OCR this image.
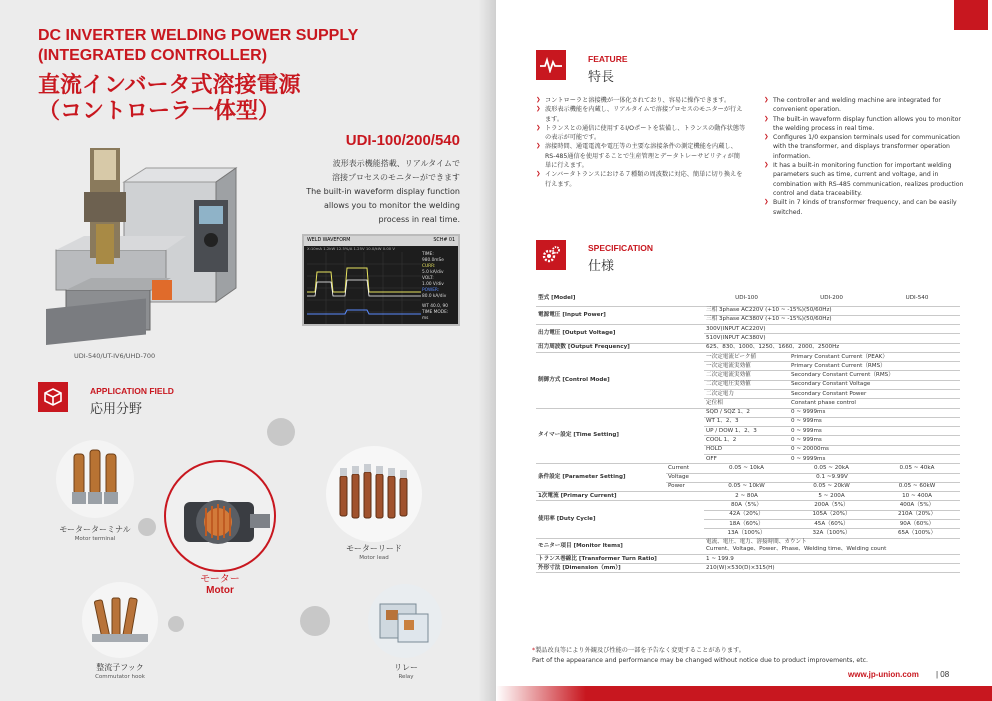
DC INVERTER WELDING POWER SUPPLY
(INTEGRATED CONTROLLER)
直流インバータ式溶接電源
（コントローラ一体型）
UDI-100/200/540
波形表示機能搭載、リアルタイムで
溶接プロセスのモニターができます
The built-in waveform display function
allows you to monitor the welding
process in real time.
UDI-540/UT-IV6/UHD-700
WELD WAVEFORM	SCH# 01
X:10mA 1.2kW 12.5%/A 1.25V 10.0/kW 0.00 V
TIME:
980.0mSe
CURR:
5.0 kA/div
VOLT:
1.00 V/div
POWER:
80.0 kA/div
WT 40.0, 90
TIME MODE: ms
APPLICATION FIELD
応用分野
モーターターミナル
Motor terminal
モーター
Motor
モーターリード
Motor lead
整流子フック
Commutator hook
リレー
Relay
FEATURE
特長
❯ コントローラと溶接機が一体化されており、容易に操作できます。
❯ 波形表示機能を内蔵し、リアルタイムで溶接プロセスのモニターが行えます。
❯ トランスとの通信に使用するI/Oポートを装備し、トランスの動作状態等の表示が可能です。
❯ 溶接時間、通電電流や電圧等の主要な溶接条件の測定機能を内蔵し、RS-485通信を使用することで生産管理とデータトレーサビリティが簡単に行えます。
❯ インバータトランスにおける７種類の周波数に対応、簡単に切り換えを行えます。
❯ The controller and welding machine are integrated for convenient operation.
❯ The built-in waveform display function allows you to monitor the welding process in real time.
❯ Configures 1/0 expansion terminals used for communication with the transformer, and displays transformer operation information.
❯ It has a built-in monitoring function for important welding parameters such as time, current and voltage, and in combination with RS-485 communication, realizes production control and data traceability.
❯ Built in 7 kinds of transformer frequency, and can be easily switched.
SPECIFICATION
仕様
型式 [Model]		UDI-100	UDI-200	UDI-540
電源電圧 [Input Power]		三相 3phase AC220V (+10 ~ -15%)(50/60Hz)		
		三相 3phase AC380V (+10 ~ -15%)(50/60Hz)		
出力電圧 [Output Voltage]		300V(INPUT AC220V)		
		510V(INPUT AC380V)		
出力周波数 [Output Frequency]		625、830、1000、1250、1660、2000、2500Hz		
制御方式 [Control Mode]		一次定電流ピーク値	Primary Constant Current（PEAK）	
		一次定電流実効値	Primary Constant Current（RMS）	
		二次定電流実効値	Secondary Constant Current（RMS）	
		二次定電圧実効値	Secondary Constant Voltage	
		二次定電力	Secondary Constant Power	
		定位相	Constant phase control	
タイマー設定 [Time Setting]		SQD / SQZ 1、2	0 ~ 9999ms	
		WT 1、2、3	0 ~ 999ms	
		UP / DOW 1、2、3	0 ~ 999ms	
		COOL 1、2	0 ~ 999ms	
		HOLD	0 ~ 20000ms	
		OFF	0 ~ 9999ms	
条件設定 [Parameter Setting]	Current	0.05 ~ 10kA	0.05 ~ 20kA	0.05 ~ 40kA
	Voltage	0.1 ~9.99V		
	Power	0.05 ~ 10kW	0.05 ~ 20kW	0.05 ~ 60kW
1次電流 [Primary Current]		2 ~ 80A	5 ~ 200A	10 ~ 400A
使用率 [Duty Cycle]		80A（5%）	200A（5%）	400A（5%）
		42A（20%）	105A（20%）	210A（20%）
		18A（60%）	45A（60%）	90A（60%）
		13A（100%）	32A（100%）	65A（100%）
モニター項目 [Monitor Items]		電流、電圧、電力、溶接時間、カウント
Current、Voltage、Power、Phase、Welding time、Welding count		

トランス巻線比 [Transformer Turn Ratio]		1 ~ 199.9		
外形寸法 [Dimension（mm）]		210(W)×530(D)×315(H)		
*製品改良等により外観及び性能の一部を予告なく変更することがあります。
Part of the appearance and performance may be changed without notice due to product improvements, etc.
www.jp-union.com | 08
